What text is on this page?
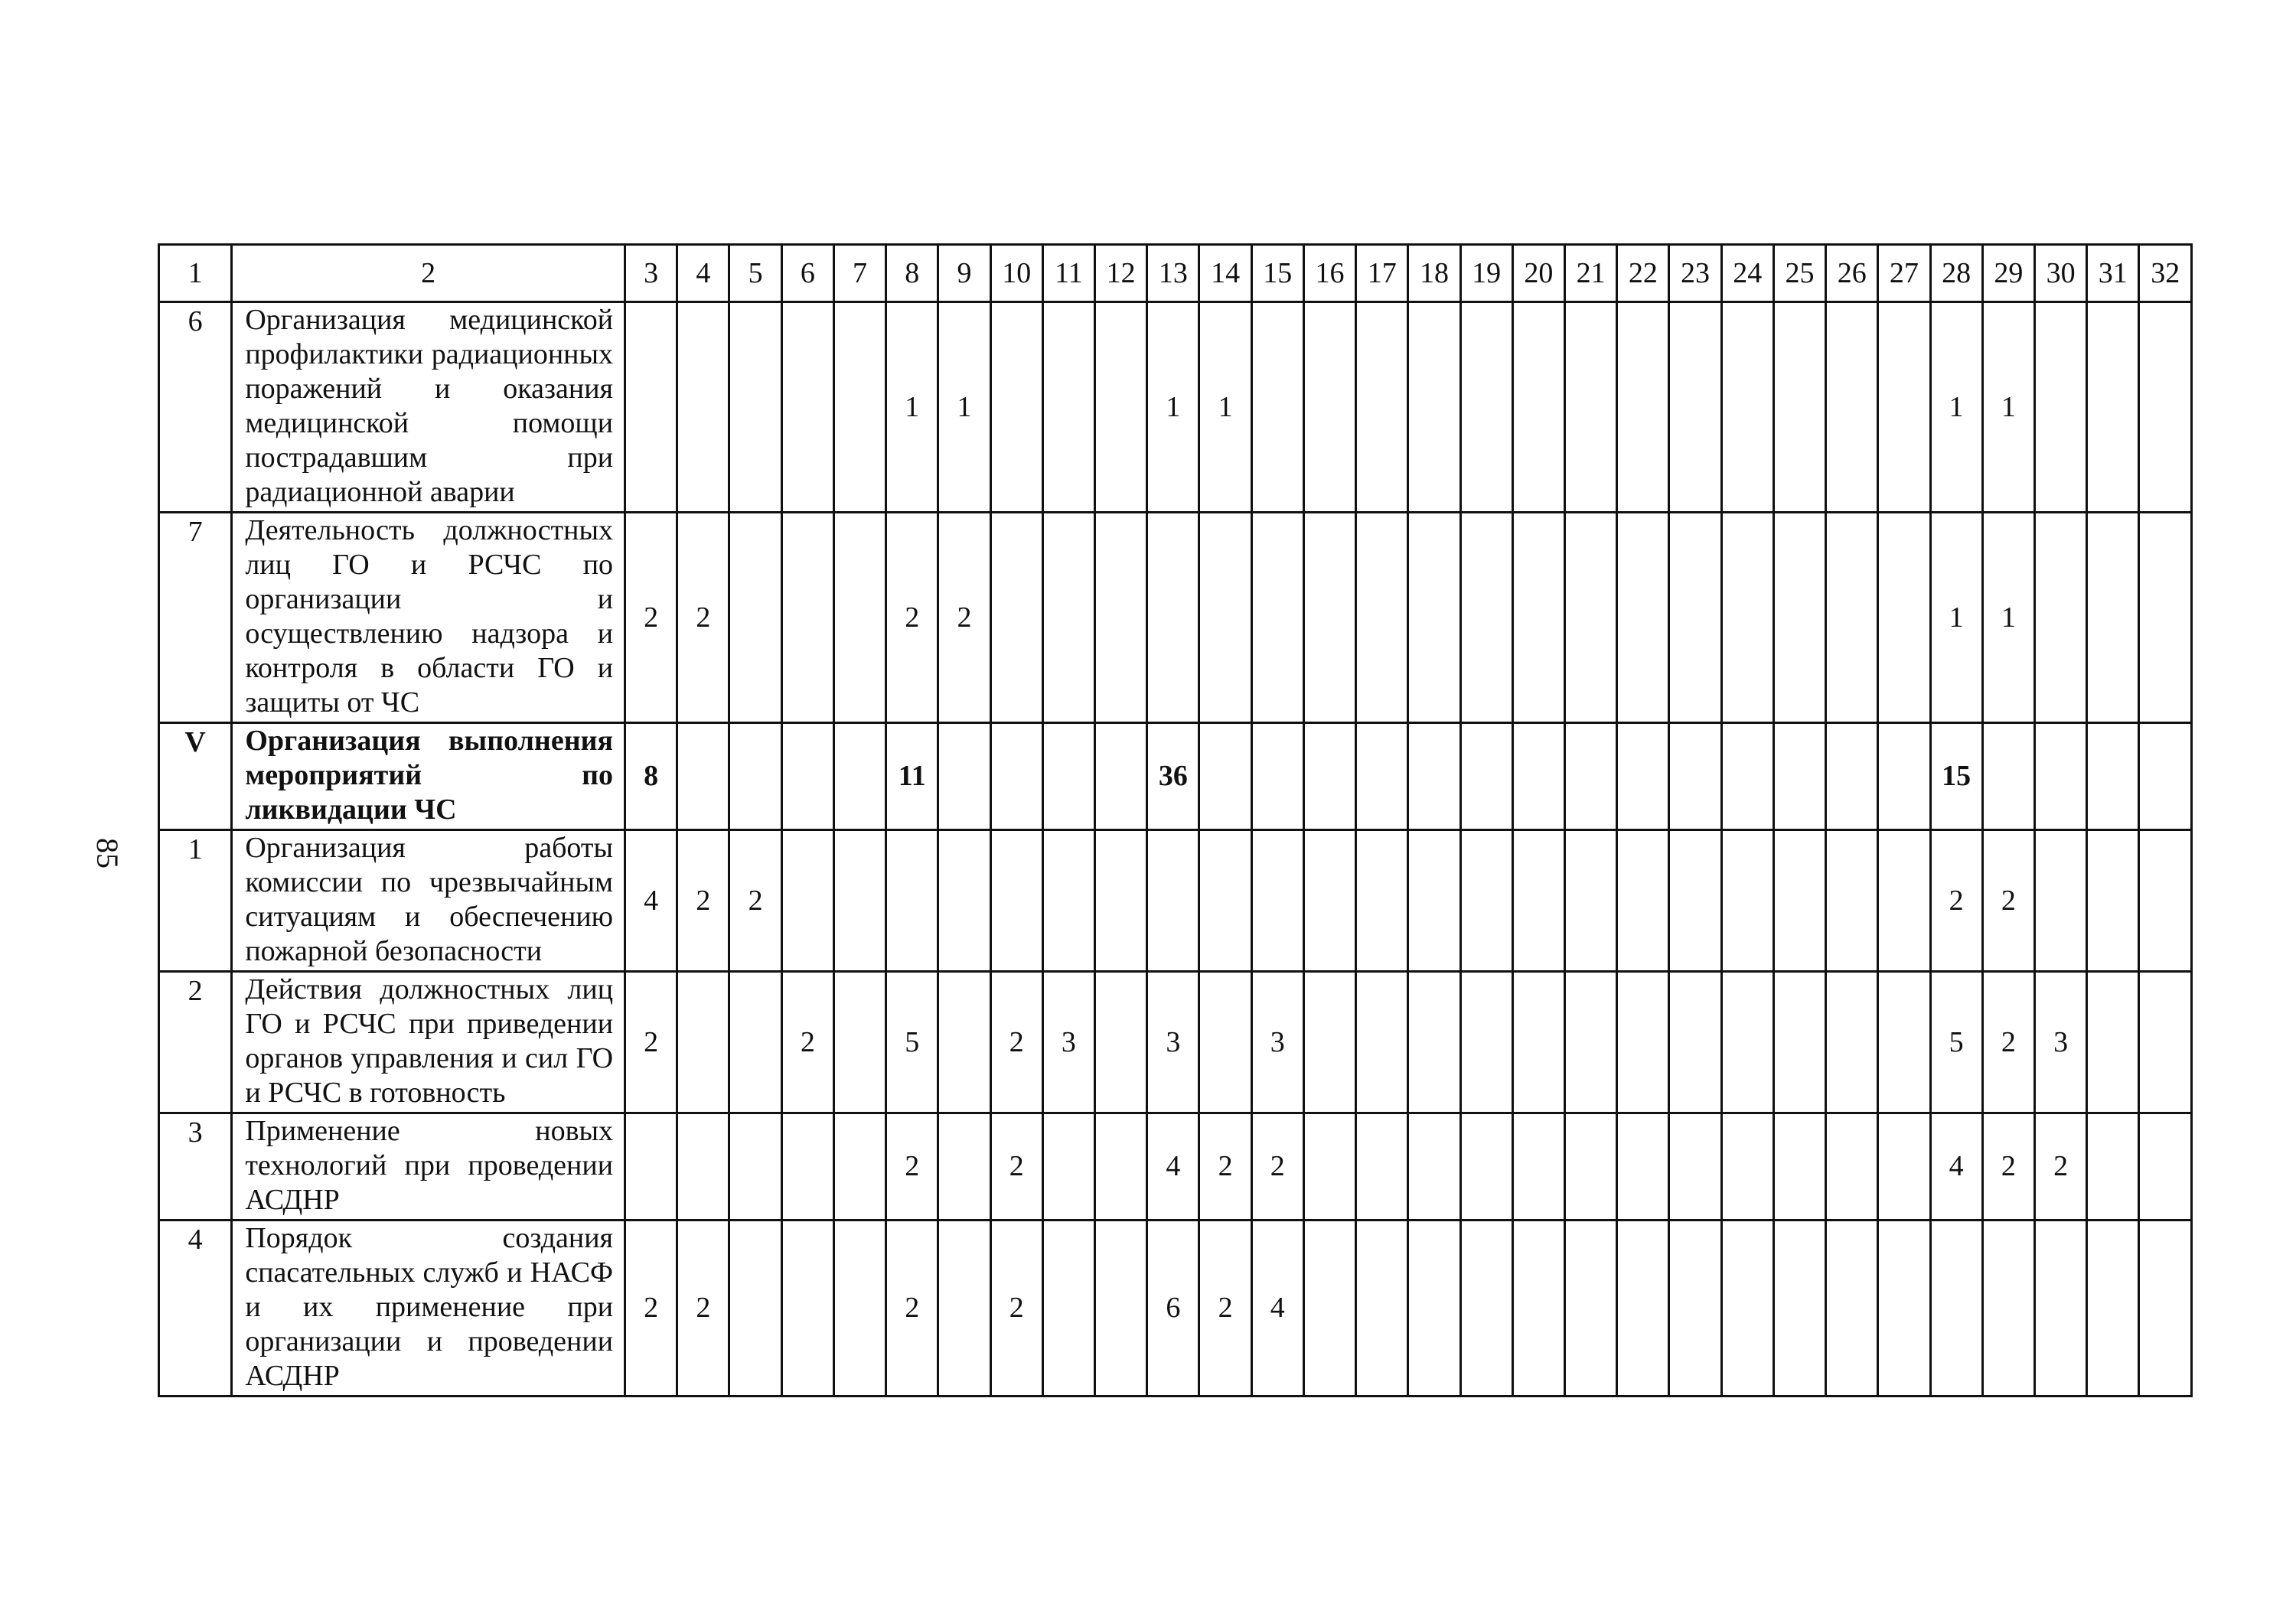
85
1	2	3	4	5	6	7	8	9	10	11	12	13	14	15	16	17	18	19	20	21	22	23	24	25	26	27	28	29	30	31	32
6	Организация медицинской профилактики радиационных поражений и оказания медицинской помощи пострадавшим при радиационной аварии						1	1				1	1														1	1			
7	Деятельность должностных лиц ГО и РСЧС по организации и осуществлению надзора и контроля в области ГО и защиты от ЧС	2	2				2	2																			1	1			
V	Организация выполнения мероприятий по ликвидации ЧС	8					11					36															15				
1	Организация работы комиссии по чрезвычайным ситуациям и обеспечению пожарной безопасности	4	2	2																							2	2			
2	Действия должностных лиц ГО и РСЧС при приведении органов управления и сил ГО и РСЧС в готовность	2			2		5		2	3		3		3													5	2	3		
3	Применение новых технологий при проведении АСДНР						2		2			4	2	2													4	2	2		
4	Порядок создания спасательных служб и НАСФ и их применение при организации и проведении АСДНР	2	2				2		2			6	2	4																	
